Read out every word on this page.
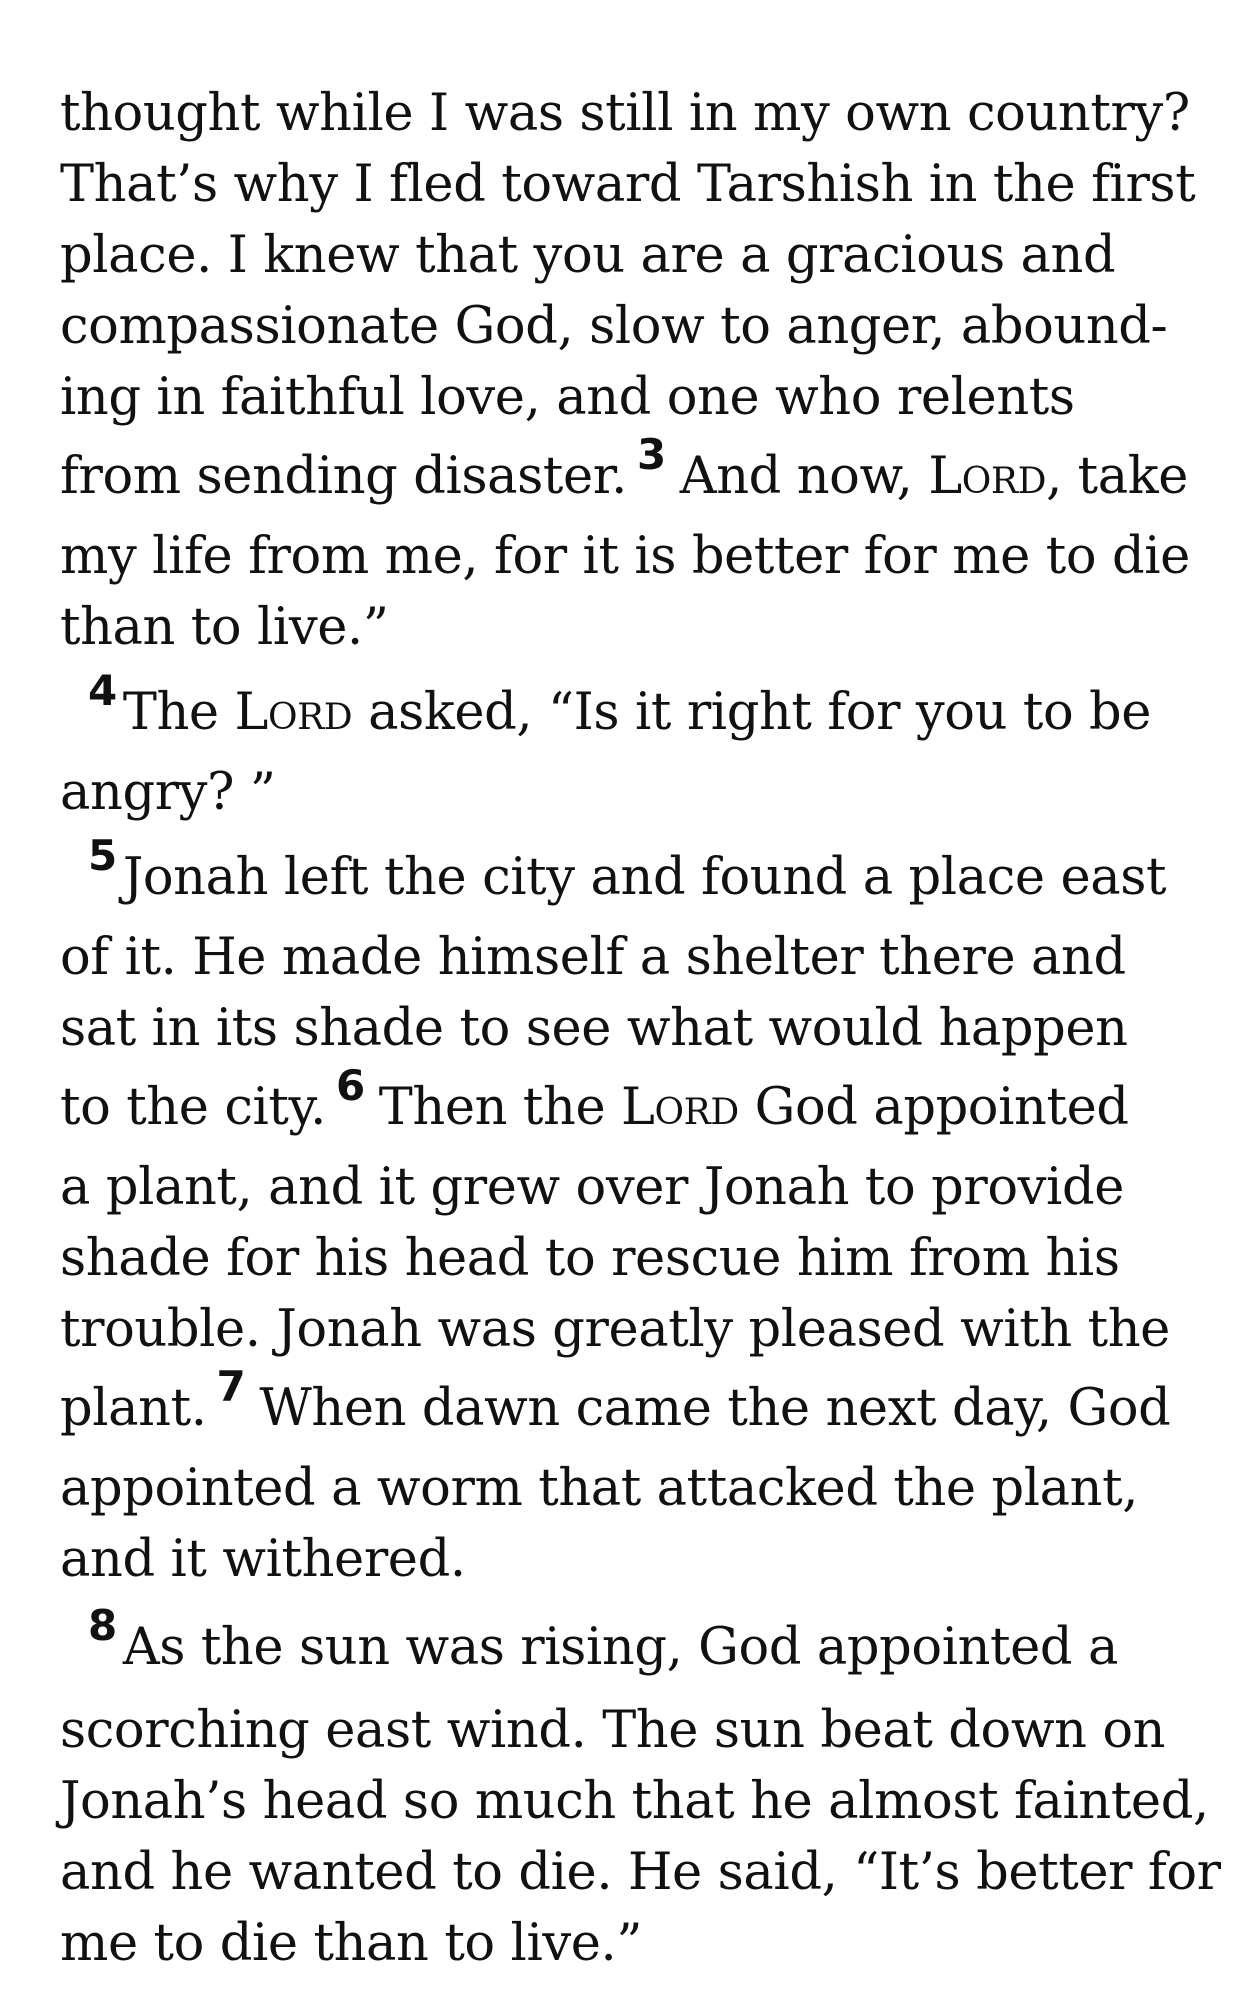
thought while I was still in my own country?
That’s why I fled toward Tarshish in the first
place. I knew that you are a gracious and
compassionate God, slow to anger, abound-
ing in faithful love, and one who relents
from sending disaster. $^3$ And now, Lord, take
my life from me, for it is better for me to die
than to live.”
$^4$ The Lord asked, “Is it right for you to be
angry? ”
$^5$ Jonah left the city and found a place east
of it. He made himself a shelter there and
sat in its shade to see what would happen
to the city. $^6$ Then the Lord God appointed
a plant, and it grew over Jonah to provide
shade for his head to rescue him from his
trouble. Jonah was greatly pleased with the
plant. $^7$ When dawn came the next day, God
appointed a worm that attacked the plant,
and it withered.
$^8$ As the sun was rising, God appointed a
scorching east wind. The sun beat down on
Jonah’s head so much that he almost fainted,
and he wanted to die. He said, “It’s better for
me to die than to live.”
